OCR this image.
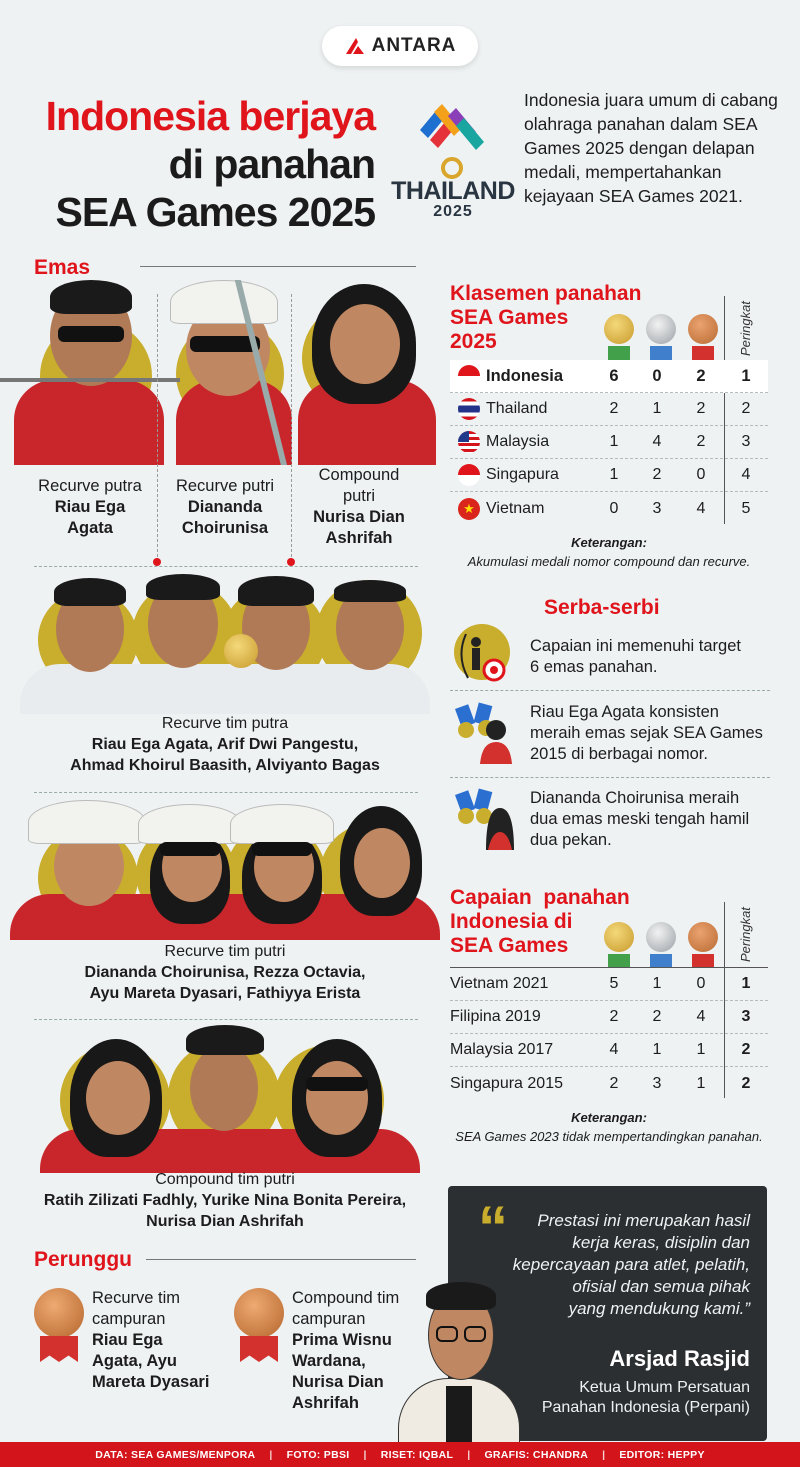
ANTARA
Indonesia berjaya
di panahan
SEA Games 2025 THAILAND
2025
Indonesia juara umum di cabang olahraga panahan dalam SEA Games 2025 dengan delapan medali, mempertahankan kejayaan SEA Games 2021.
Emas
Recurve putra
Riau Ega Agata
Recurve putri
Diananda Choirunisa
Compound putri
Nurisa Dian Ashrifah
Recurve tim putra
Riau Ega Agata, Arif Dwi Pangestu,
Ahmad Khoirul Baasith, Alviyanto Bagas
Recurve tim putri
Diananda Choirunisa, Rezza Octavia,
Ayu Mareta Dyasari, Fathiyya Erista
Compound tim putri
Ratih Zilizati Fadhly, Yurike Nina Bonita Pereira,
Nurisa Dian Ashrifah
Perunggu
Recurve tim
campuran
Riau Ega
Agata, Ayu
Mareta Dyasari
Compound tim
campuran
Prima Wisnu
Wardana,
Nurisa Dian
Ashrifah
Klasemen panahan
SEA Games
2025	Peringkat
Indonesia	6	0	2	1
Thailand	2	1	2	2
Malaysia	1	4	2	3
Singapura	1	2	0	4
★ Vietnam	0	3	4	5
Keterangan:
Akumulasi medali nomor compound dan recurve.
Serba-serbi
Capaian ini memenuhi target
6 emas panahan.
Riau Ega Agata konsisten
meraih emas sejak SEA Games
2015 di berbagai nomor.
Diananda Choirunisa meraih
dua emas meski tengah hamil
dua pekan.
Capaian  panahan
Indonesia di
SEA Games	Peringkat
Vietnam 2021	5	1	0	1
Filipina 2019	2	2	4	3
Malaysia 2017	4	1	1	2
Singapura 2015	2	3	1	2
Keterangan:
SEA Games 2023 tidak mempertandingkan panahan.
“	Prestasi ini merupakan hasil
kerja keras, disiplin dan
kepercayaan para atlet, pelatih,
ofisial dan semua pihak
yang mendukung kami.”
Arsjad Rasjid
Ketua Umum Persatuan
Panahan Indonesia (Perpani)
DATA: SEA GAMES/MENPORA | FOTO: PBSI | RISET: IQBAL | GRAFIS: CHANDRA | EDITOR: HEPPY
